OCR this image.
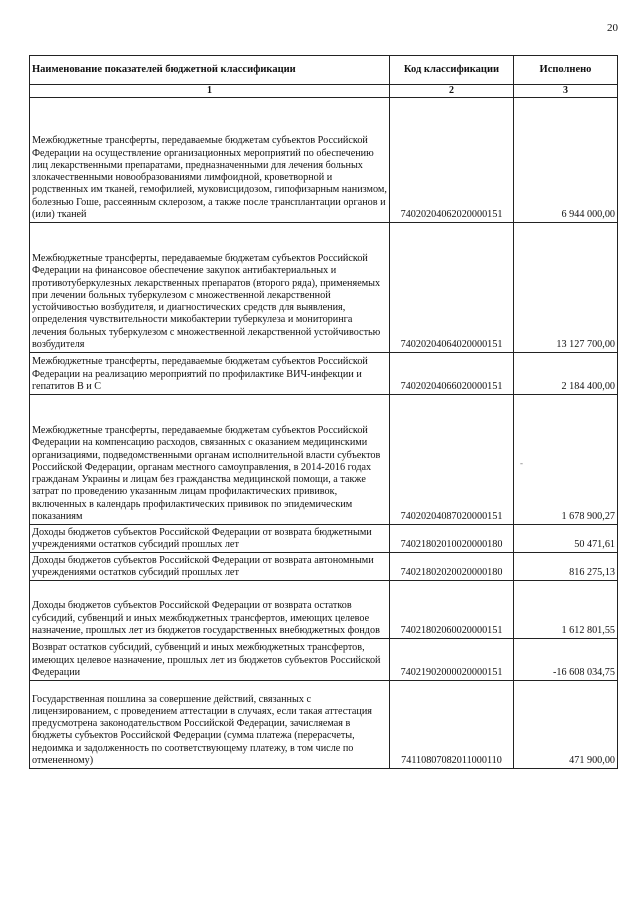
20
Наименование показателей бюджетной классификации	Код классификации	Исполнено
1	2	3
Межбюджетные трансферты, передаваемые бюджетам субъектов Российской Федерации на осуществление организационных мероприятий по обеспечению лиц лекарственными препаратами, предназначенными для лечения больных злокачественными новообразованиями лимфоидной, кроветворной и родственных им тканей, гемофилией, муковисцидозом, гипофизарным нанизмом, болезнью Гоше, рассеянным склерозом, а также после трансплантации органов и (или) тканей	74020204062020000151	6 944 000,00
Межбюджетные трансферты, передаваемые бюджетам субъектов Российской Федерации на финансовое обеспечение закупок антибактериальных и противотуберкулезных лекарственных препаратов (второго ряда), применяемых при лечении больных туберкулезом с множественной лекарственной устойчивостью возбудителя, и диагностических средств для выявления, определения чувствительности микобактерии туберкулеза и мониторинга лечения больных туберкулезом с множественной лекарственной устойчивостью возбудителя	74020204064020000151	13 127 700,00
Межбюджетные трансферты, передаваемые бюджетам субъектов Российской Федерации на реализацию мероприятий по профилактике ВИЧ-инфекции и гепатитов В и С	74020204066020000151	2 184 400,00
Межбюджетные трансферты, передаваемые бюджетам субъектов Российской Федерации на компенсацию расходов, связанных с оказанием медицинскими организациями, подведомственными органам исполнительной власти субъектов Российской Федерации, органам местного самоуправления, в 2014-2016 годах гражданам Украины и лицам без гражданства медицинской помощи, а также затрат по проведению указанным лицам профилактических прививок, включенных в календарь профилактических прививок по эпидемическим показаниям	74020204087020000151	1 678 900,27
Доходы бюджетов субъектов Российской Федерации от возврата бюджетными учреждениями остатков субсидий прошлых лет	74021802010020000180	50 471,61
Доходы бюджетов субъектов Российской Федерации от возврата автономными учреждениями остатков субсидий прошлых лет	74021802020020000180	816 275,13
Доходы бюджетов субъектов Российской Федерации от возврата остатков субсидий, субвенций и иных межбюджетных трансфертов, имеющих целевое назначение, прошлых лет из бюджетов государственных внебюджетных фондов	74021802060020000151	1 612 801,55
Возврат остатков субсидий, субвенций и иных межбюджетных трансфертов, имеющих целевое назначение, прошлых лет из бюджетов субъектов Российской Федерации	74021902000020000151	-16 608 034,75
Государственная пошлина за совершение действий, связанных с лицензированием, с проведением аттестации в случаях, если такая аттестация предусмотрена законодательством Российской Федерации, зачисляемая в бюджеты субъектов Российской Федерации (сумма платежа (перерасчеты, недоимка и задолженность по соответствующему платежу, в том числе по отмененному)	74110807082011000110	471 900,00
-
